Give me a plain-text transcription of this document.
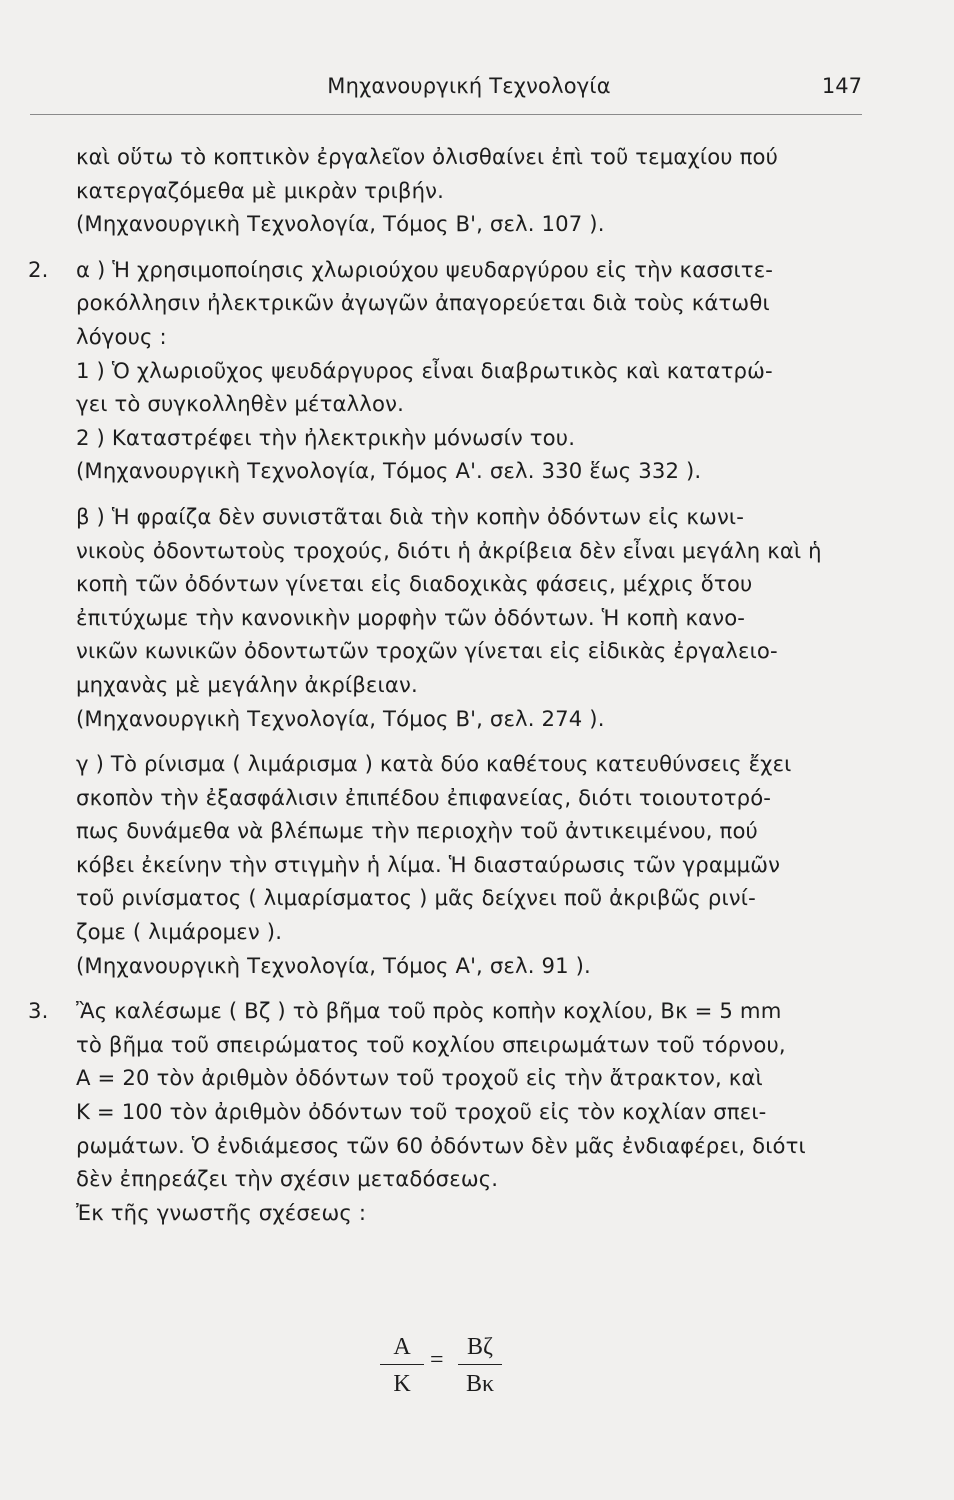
Μηχανουργική Τεχνολογία	147
καὶ οὕτω τὸ κοπτικὸν ἐργαλεῖον ὀλισθαίνει ἐπὶ τοῦ τεμαχίου πού
κατεργαζόμεθα μὲ μικρὰν τριβήν.
(Μηχανουργικὴ Τεχνολογία, Τόμος Β', σελ. 107 ).
2. α ) Ἡ χρησιμοποίησις χλωριούχου ψευδαργύρου εἰς τὴν κασσιτε-
ροκόλλησιν ἠλεκτρικῶν ἀγωγῶν ἀπαγορεύεται διὰ τοὺς κάτωθι
λόγους :
1 ) Ὁ χλωριοῦχος ψευδάργυρος εἶναι διαβρωτικὸς καὶ κατατρώ-
γει τὸ συγκολληθὲν μέταλλον.
2 ) Καταστρέφει τὴν ἠλεκτρικὴν μόνωσίν του.
(Μηχανουργικὴ Τεχνολογία, Τόμος Α'. σελ. 330 ἕως 332 ).
β ) Ἡ φραίζα δὲν συνιστᾶται διὰ τὴν κοπὴν ὀδόντων εἰς κωνι-
νικοὺς ὀδοντωτοὺς τροχούς, διότι ἡ ἀκρίβεια δὲν εἶναι μεγάλη καὶ ἡ
κοπὴ τῶν ὀδόντων γίνεται εἰς διαδοχικὰς φάσεις, μέχρις ὅτου
ἐπιτύχωμε τὴν κανονικὴν μορφὴν τῶν ὀδόντων. Ἡ κοπὴ κανο-
νικῶν κωνικῶν ὀδοντωτῶν τροχῶν γίνεται εἰς εἰδικὰς ἐργαλειο-
μηχανὰς μὲ μεγάλην ἀκρίβειαν.
(Μηχανουργικὴ Τεχνολογία, Τόμος Β', σελ. 274 ).
γ ) Τὸ ρίνισμα ( λιμάρισμα ) κατὰ δύο καθέτους κατευθύνσεις ἔχει
σκοπὸν τὴν ἐξασφάλισιν ἐπιπέδου ἐπιφανείας, διότι τοιουτοτρό-
πως δυνάμεθα νὰ βλέπωμε τὴν περιοχὴν τοῦ ἀντικειμένου, πού
κόβει ἐκείνην τὴν στιγμὴν ἡ λίμα. Ἡ διασταύρωσις τῶν γραμμῶν
τοῦ ρινίσματος ( λιμαρίσματος ) μᾶς δείχνει ποῦ ἀκριβῶς ρινί-
ζομε ( λιμάρομεν ).
(Μηχανουργικὴ Τεχνολογία, Τόμος Α', σελ. 91 ).
3. Ἂς καλέσωμε ( Βζ ) τὸ βῆμα τοῦ πρὸς κοπὴν κοχλίου, Βκ = 5 mm
τὸ βῆμα τοῦ σπειρώματος τοῦ κοχλίου σπειρωμάτων τοῦ τόρνου,
Α = 20 τὸν ἀριθμὸν ὀδόντων τοῦ τροχοῦ εἰς τὴν ἄτρακτον, καὶ
Κ = 100 τὸν ἀριθμὸν ὀδόντων τοῦ τροχοῦ εἰς τὸν κοχλίαν σπει-
ρωμάτων. Ὁ ἐνδιάμεσος τῶν 60 ὀδόντων δὲν μᾶς ἐνδιαφέρει, διότι
δὲν ἐπηρεάζει τὴν σχέσιν μεταδόσεως.
Ἐκ τῆς γνωστῆς σχέσεως :
Α
Κ
= Βζ
Βκ
